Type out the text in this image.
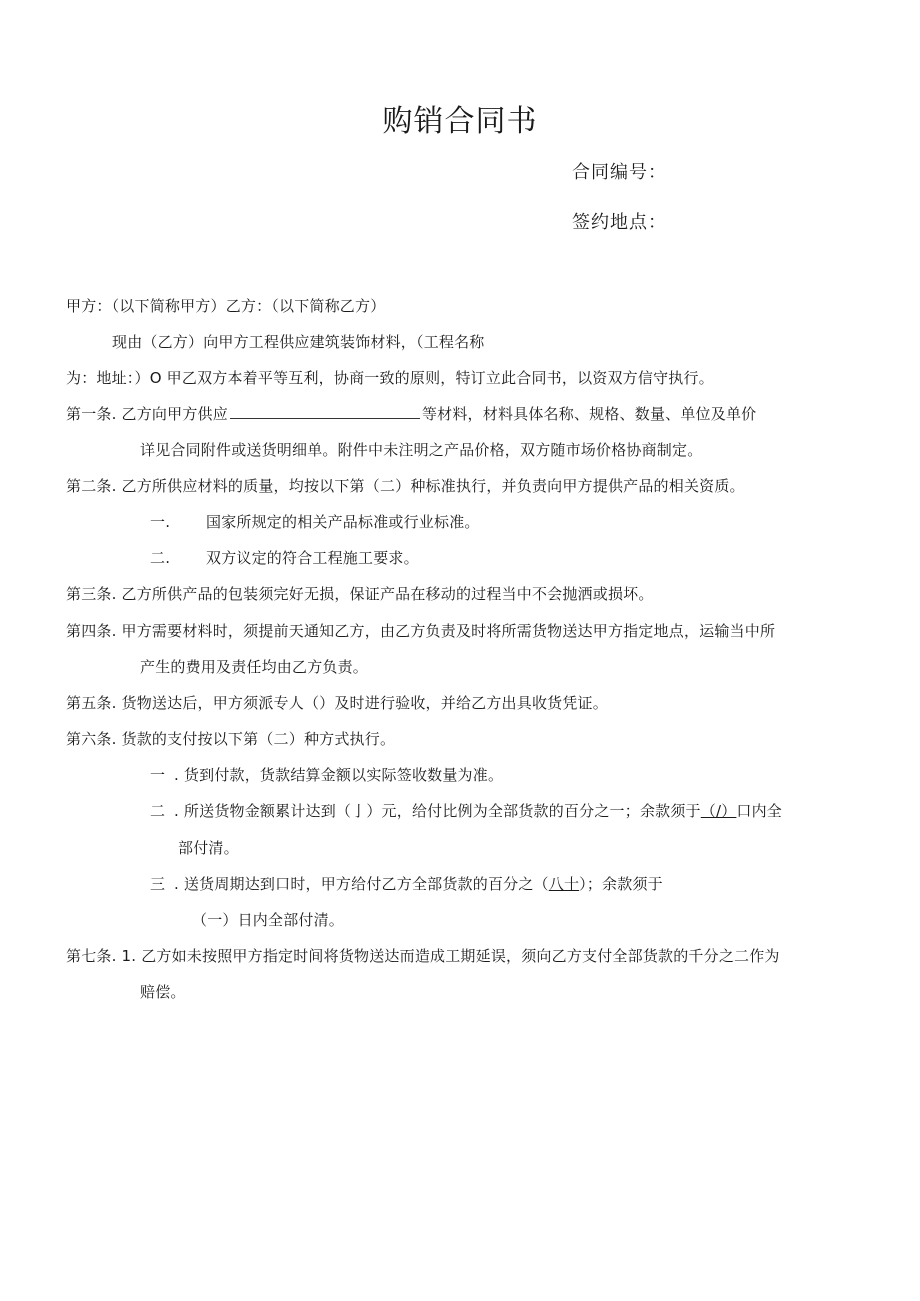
购销合同书
合同编号：
签约地点：
甲方：（以下简称甲方）乙方：（以下简称乙方）
现由（乙方）向甲方工程供应建筑装饰材料，（工程名称
为：地址：）O 甲乙双方本着平等互利，协商一致的原则，特订立此合同书，以资双方信守执行。
第一条. 乙方向甲方供应	等材料，材料具体名称、规格、数量、单位及单价
详见合同附件或送货明细单。附件中未注明之产品价格，双方随市场价格协商制定。
第二条. 乙方所供应材料的质量，均按以下第（二）种标准执行，并负责向甲方提供产品的相关资质。
一. 国家所规定的相关产品标准或行业标准。
二. 双方议定的符合工程施工要求。
第三条. 乙方所供产品的包装须完好无损，保证产品在移动的过程当中不会抛洒或损坏。
第四条. 甲方需要材料时，须提前天通知乙方，由乙方负责及时将所需货物送达甲方指定地点，运输当中所
产生的费用及责任均由乙方负责。
第五条. 货物送达后，甲方须派专人（）及时进行验收，并给乙方出具收货凭证。
第六条. 货款的支付按以下第（二）种方式执行。
一 . 货到付款，货款结算金额以实际签收数量为准。
二 . 所送货物金额累计达到（亅）元，给付比例为全部货款的百分之一；余款须于（/）口内全
部付清。
三 . 送货周期达到口时，甲方给付乙方全部货款的百分之（八十）；余款须于
（一）日内全部付清。
第七条. 1. 乙方如未按照甲方指定时间将货物送达而造成工期延误，须向乙方支付全部货款的千分之二作为
赔偿。
